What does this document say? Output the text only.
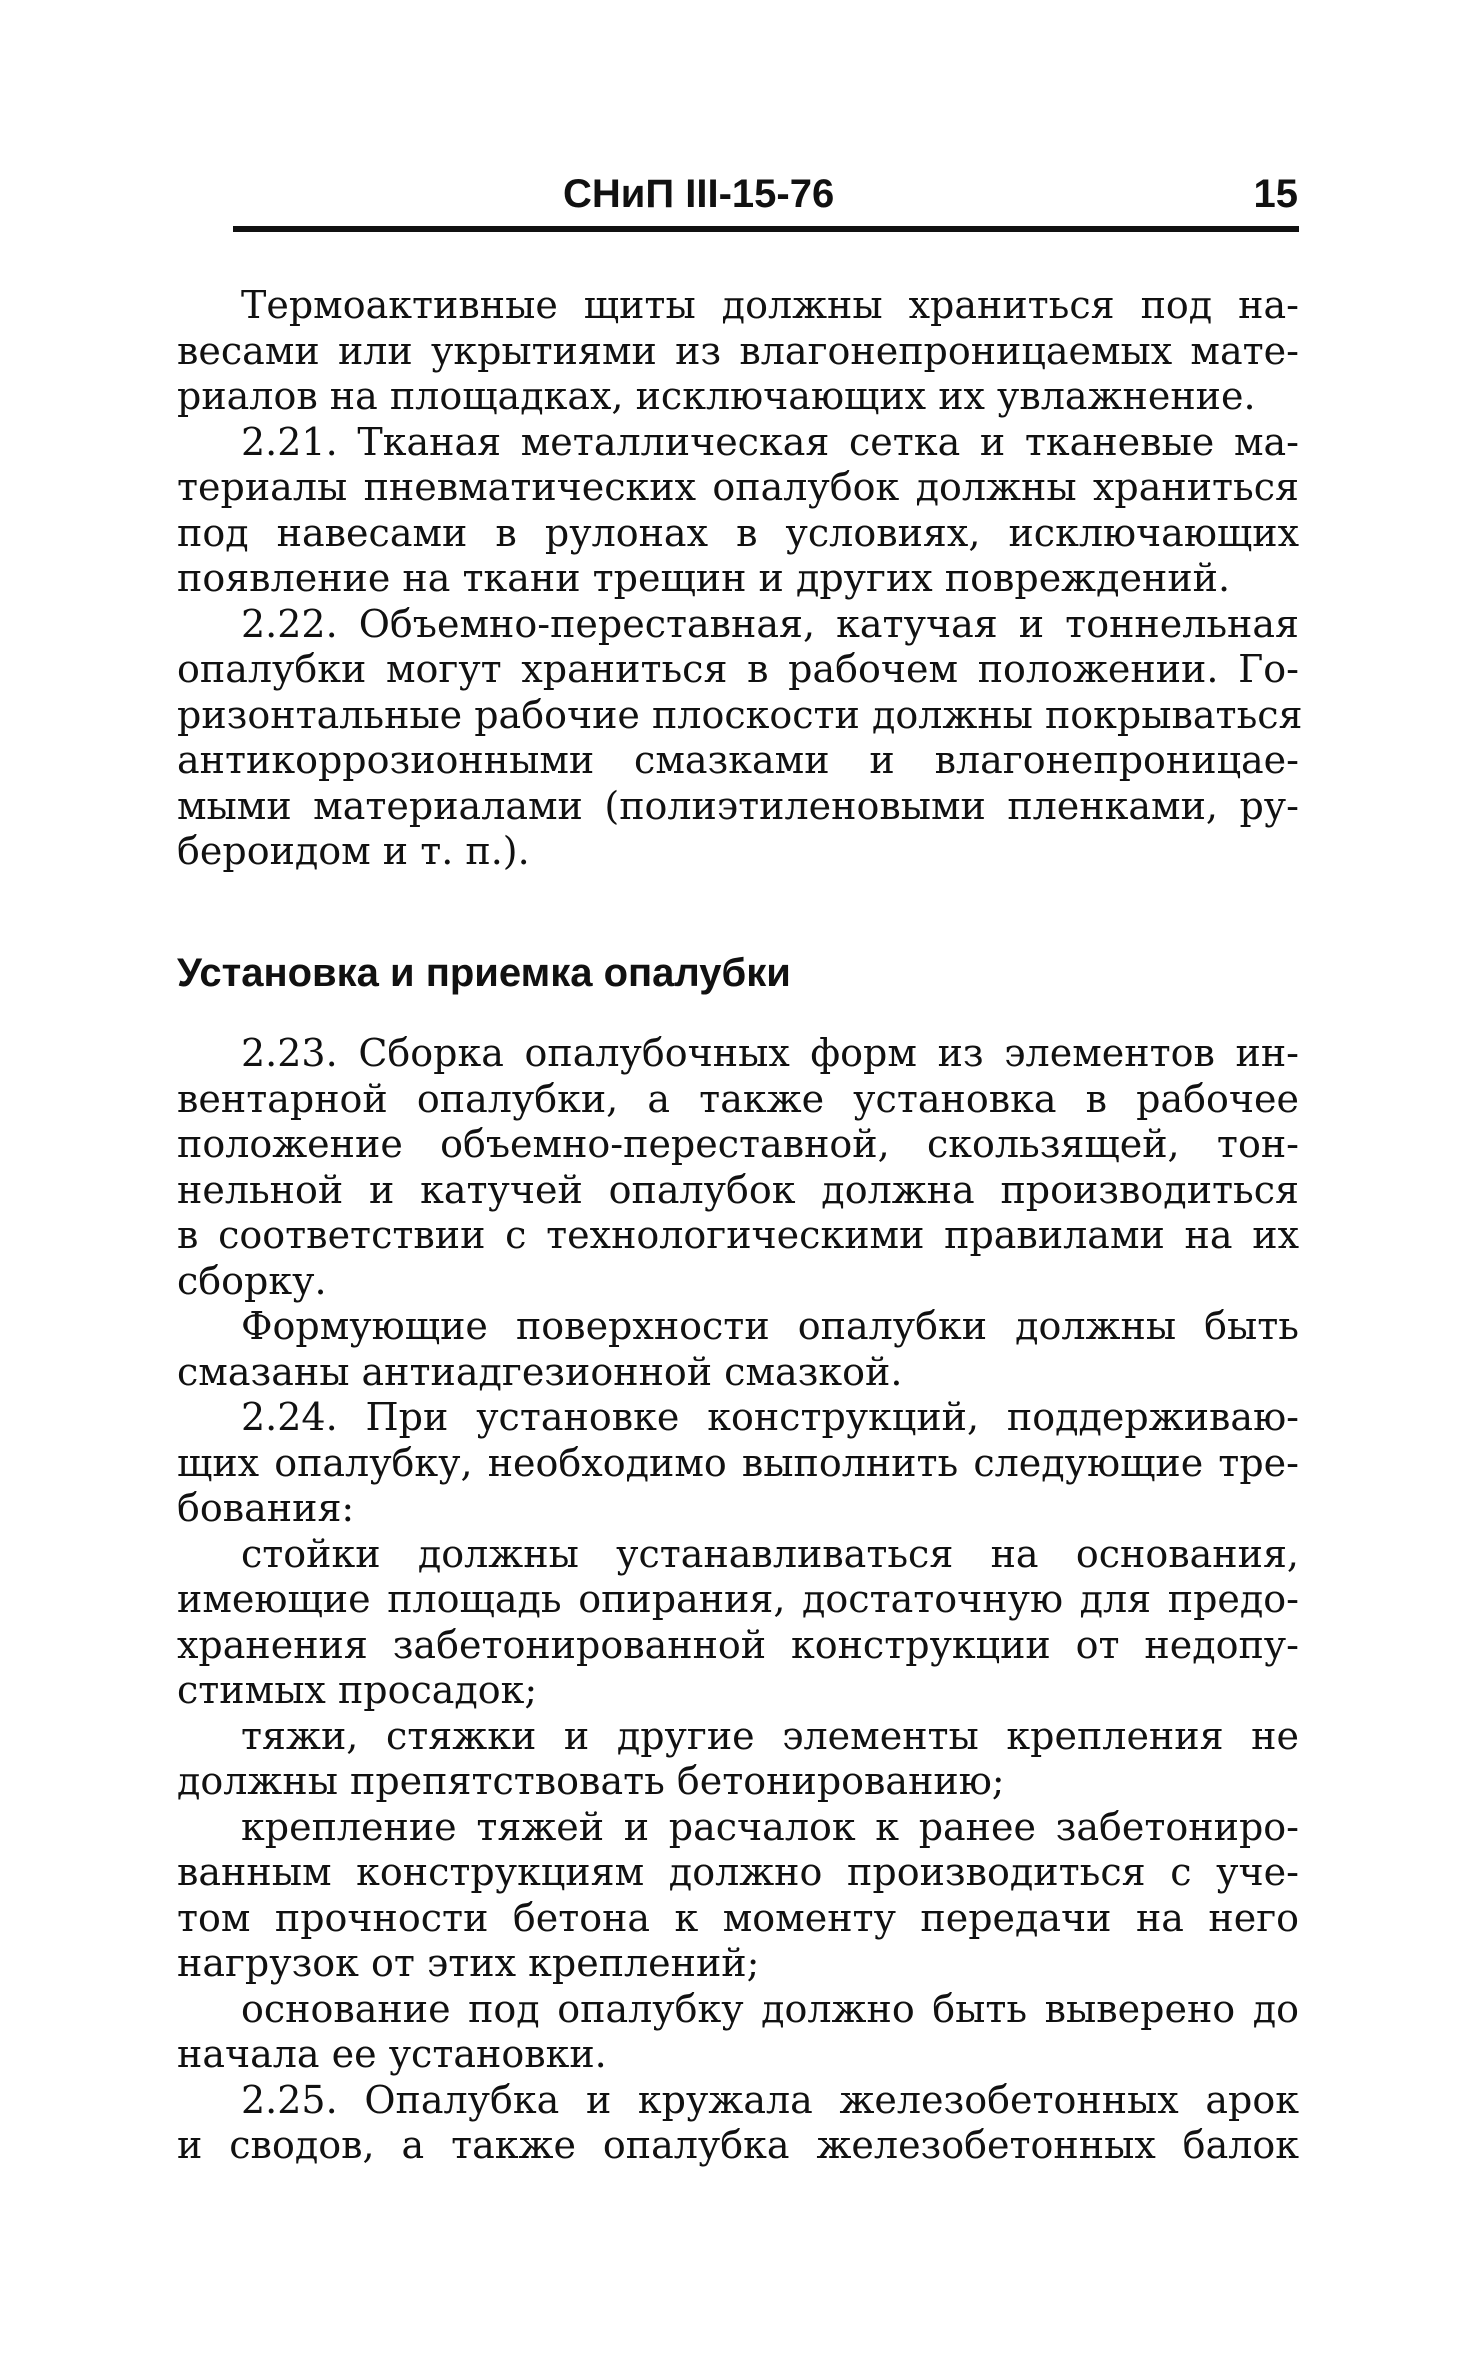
СНиП III-15-76	15
Термоактивные щиты должны храниться под на-
весами или укрытиями из влагонепроницаемых мате-
риалов на площадках, исключающих их увлажнение.
2.21. Тканая металлическая сетка и тканевые ма-
териалы пневматических опалубок должны храниться
под навесами в рулонах в условиях, исключающих
появление на ткани трещин и других повреждений.
2.22. Объемно-переставная, катучая и тоннельная
опалубки могут храниться в рабочем положении. Го-
ризонтальные рабочие плоскости должны покрываться
антикоррозионными смазками и влагонепроницае-
мыми материалами (полиэтиленовыми пленками, ру-
бероидом и т. п.).
Установка и приемка опалубки
2.23. Сборка опалубочных форм из элементов ин-
вентарной опалубки, а также установка в рабочее
положение объемно-переставной, скользящей, тон-
нельной и катучей опалубок должна производиться
в соответствии с технологическими правилами на их
сборку.
Формующие поверхности опалубки должны быть
смазаны антиадгезионной смазкой.
2.24. При установке конструкций, поддерживаю-
щих опалубку, необходимо выполнить следующие тре-
бования:
стойки должны устанавливаться на основания,
имеющие площадь опирания, достаточную для предо-
хранения забетонированной конструкции от недопу-
стимых просадок;
тяжи, стяжки и другие элементы крепления не
должны препятствовать бетонированию;
крепление тяжей и расчалок к ранее забетониро-
ванным конструкциям должно производиться с уче-
том прочности бетона к моменту передачи на него
нагрузок от этих креплений;
основание под опалубку должно быть выверено до
начала ее установки.
2.25. Опалубка и кружала железобетонных арок
и сводов, а также опалубка железобетонных балок
